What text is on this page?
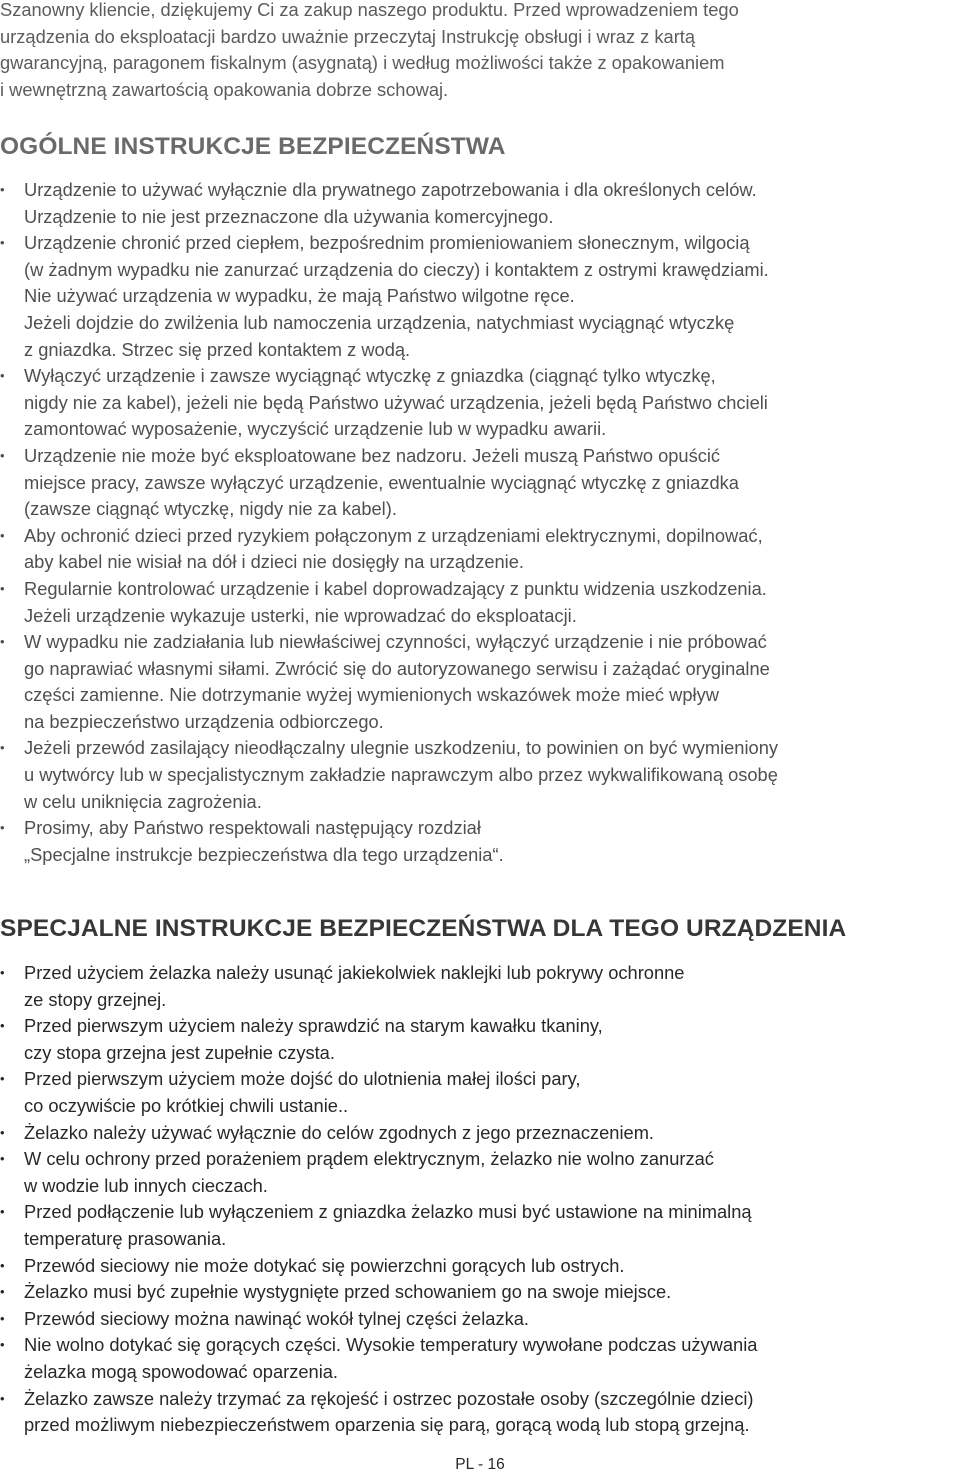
Szanowny kliencie, dziękujemy Ci za zakup naszego produktu. Przed wprowadzeniem tego
urządzenia do eksploatacji bardzo uważnie przeczytaj Instrukcję obsługi i wraz z kartą
gwarancyjną, paragonem fiskalnym (asygnatą) i według możliwości także z opakowaniem
i wewnętrzną zawartością opakowania dobrze schowaj.

OGÓLNE INSTRUKCJE BEZPIECZEŃSTWA
•	Urządzenie to używać wyłącznie dla prywatnego zapotrzebowania i dla określonych celów.
Urządzenie to nie jest przeznaczone dla używania komercyjnego.
•	Urządzenie chronić przed ciepłem, bezpośrednim promieniowaniem słonecznym, wilgocią
(w żadnym wypadku nie zanurzać urządzenia do cieczy) i kontaktem z ostrymi krawędziami.
Nie używać urządzenia w wypadku, że mają Państwo wilgotne ręce.
Jeżeli dojdzie do zwilżenia lub namoczenia urządzenia, natychmiast wyciągnąć wtyczkę
z gniazdka. Strzec się przed kontaktem z wodą.
•	Wyłączyć urządzenie i zawsze wyciągnąć wtyczkę z gniazdka (ciągnąć tylko wtyczkę,
nigdy nie za kabel), jeżeli nie będą Państwo używać urządzenia, jeżeli będą Państwo chcieli
zamontować wyposażenie, wyczyścić urządzenie lub w wypadku awarii.
•	Urządzenie nie może być eksploatowane bez nadzoru. Jeżeli muszą Państwo opuścić
miejsce pracy, zawsze wyłączyć urządzenie, ewentualnie wyciągnąć wtyczkę z gniazdka
(zawsze ciągnąć wtyczkę, nigdy nie za kabel).
•	Aby ochronić dzieci przed ryzykiem połączonym z urządzeniami elektrycznymi, dopilnować,
aby kabel nie wisiał na dół i dzieci nie dosięgły na urządzenie.
•	Regularnie kontrolować urządzenie i kabel doprowadzający z punktu widzenia uszkodzenia.
Jeżeli urządzenie wykazuje usterki, nie wprowadzać do eksploatacji.
•	W wypadku nie zadziałania lub niewłaściwej czynności, wyłączyć urządzenie i nie próbować
go naprawiać własnymi siłami. Zwrócić się do autoryzowanego serwisu i zażądać oryginalne
części zamienne. Nie dotrzymanie wyżej wymienionych wskazówek może mieć wpływ
na bezpieczeństwo urządzenia odbiorczego.
•	Jeżeli przewód zasilający nieodłączalny ulegnie uszkodzeniu, to powinien on być wymieniony
u wytwórcy lub w specjalistycznym zakładzie naprawczym albo przez wykwalifikowaną osobę
w celu uniknięcia zagrożenia.
•	Prosimy, aby Państwo respektowali następujący rozdział
„Specjalne instrukcje bezpieczeństwa dla tego urządzenia“.
SPECJALNE INSTRUKCJE BEZPIECZEŃSTWA DLA TEGO URZĄDZENIA
•	Przed użyciem żelazka należy usunąć jakiekolwiek naklejki lub pokrywy ochronne
ze stopy grzejnej.
•	Przed pierwszym użyciem należy sprawdzić na starym kawałku tkaniny,
czy stopa grzejna jest zupełnie czysta.
•	Przed pierwszym użyciem może dojść do ulotnienia małej ilości pary,
co oczywiście po krótkiej chwili ustanie..
•	Żelazko należy używać wyłącznie do celów zgodnych z jego przeznaczeniem.
•	W celu ochrony przed porażeniem prądem elektrycznym, żelazko nie wolno zanurzać
w wodzie lub innych cieczach.
•	Przed podłączenie lub wyłączeniem z gniazdka żelazko musi być ustawione na minimalną
temperaturę prasowania.
•	Przewód sieciowy nie może dotykać się powierzchni gorących lub ostrych.
•	Żelazko musi być zupełnie wystygnięte przed schowaniem go na swoje miejsce.
•	Przewód sieciowy można nawinąć wokół tylnej części żelazka.
•	Nie wolno dotykać się gorących części. Wysokie temperatury wywołane podczas używania
żelazka mogą spowodować oparzenia.
•	Żelazko zawsze należy trzymać za rękojeść i ostrzec pozostałe osoby (szczególnie dzieci)
przed możliwym niebezpieczeństwem oparzenia się parą, gorącą wodą lub stopą grzejną.
PL - 16
